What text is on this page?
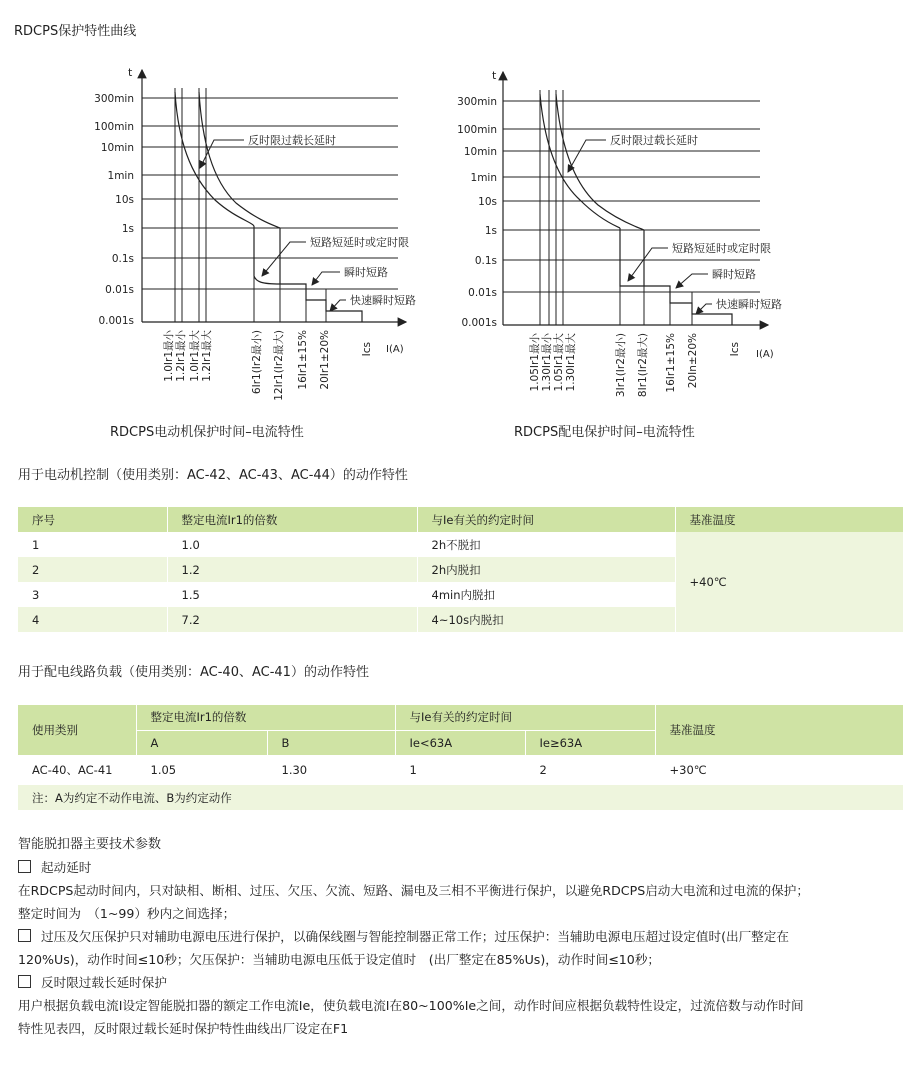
RDCPS保护特性曲线
t
I(A)
300min
100min
10min
1min
10s
1s
0.1s
0.01s
0.001s
反时限过载长延时
短路短延时或定时限
瞬时短路
快速瞬时短路
1.0Ir1最小 1.2Ir1最小 1.0Ir1最大 1.2Ir1最大	6Ir1(Ir2最小) 12Ir1(Ir2最大) 16Ir1±15% 20Ir1±20%	Ics
RDCPS电动机保护时间–电流特性
t
I(A)
300min
100min
10min
1min
10s
1s
0.1s
0.01s
0.001s
反时限过载长延时
短路短延时或定时限
瞬时短路
快速瞬时短路
1.05Ir1最小 1.30Ir1最小 1.05Ir1最大 1.30Ir1最大	3Ir1(Ir2最小) 8Ir1(Ir2最大) 16Ir1±15% 20In±20%	Ics
RDCPS配电保护时间–电流特性
用于电动机控制（使用类别：AC-42、AC-43、AC-44）的动作特性
序号	整定电流Ir1的倍数	与Ie有关的约定时间	基准温度
1	1.0	2h不脱扣	+40℃
2	1.2	2h内脱扣	
3	1.5	4min内脱扣	
4	7.2	4~10s内脱扣	
用于配电线路负载（使用类别：AC-40、AC-41）的动作特性
使用类别	整定电流Ir1的倍数		与Ie有关的约定时间		基准温度
	A	B	Ie<63A	Ie≥63A	
AC-40、AC-41	1.05	1.30	1	2	+30℃
注：A为约定不动作电流、B为约定动作					
智能脱扣器主要技术参数
起动延时
在RDCPS起动时间内，只对缺相、断相、过压、欠压、欠流、短路、漏电及三相不平衡进行保护，以避免RDCPS启动大电流和过电流的保护；
整定时间为　（1~99）秒内之间选择；
过压及欠压保护只对辅助电源电压进行保护，以确保线圈与智能控制器正常工作；过压保护：当辅助电源电压超过设定值时(出厂整定在
120%Us)，动作时间≤10秒；欠压保护：当辅助电源电压低于设定值时　(出厂整定在85%Us)，动作时间≤10秒；
反时限过载长延时保护
用户根据负载电流I设定智能脱扣器的额定工作电流Ie，使负载电流I在80~100%Ie之间，动作时间应根据负载特性设定，过流倍数与动作时间
特性见表四，反时限过载长延时保护特性曲线出厂设定在F1
